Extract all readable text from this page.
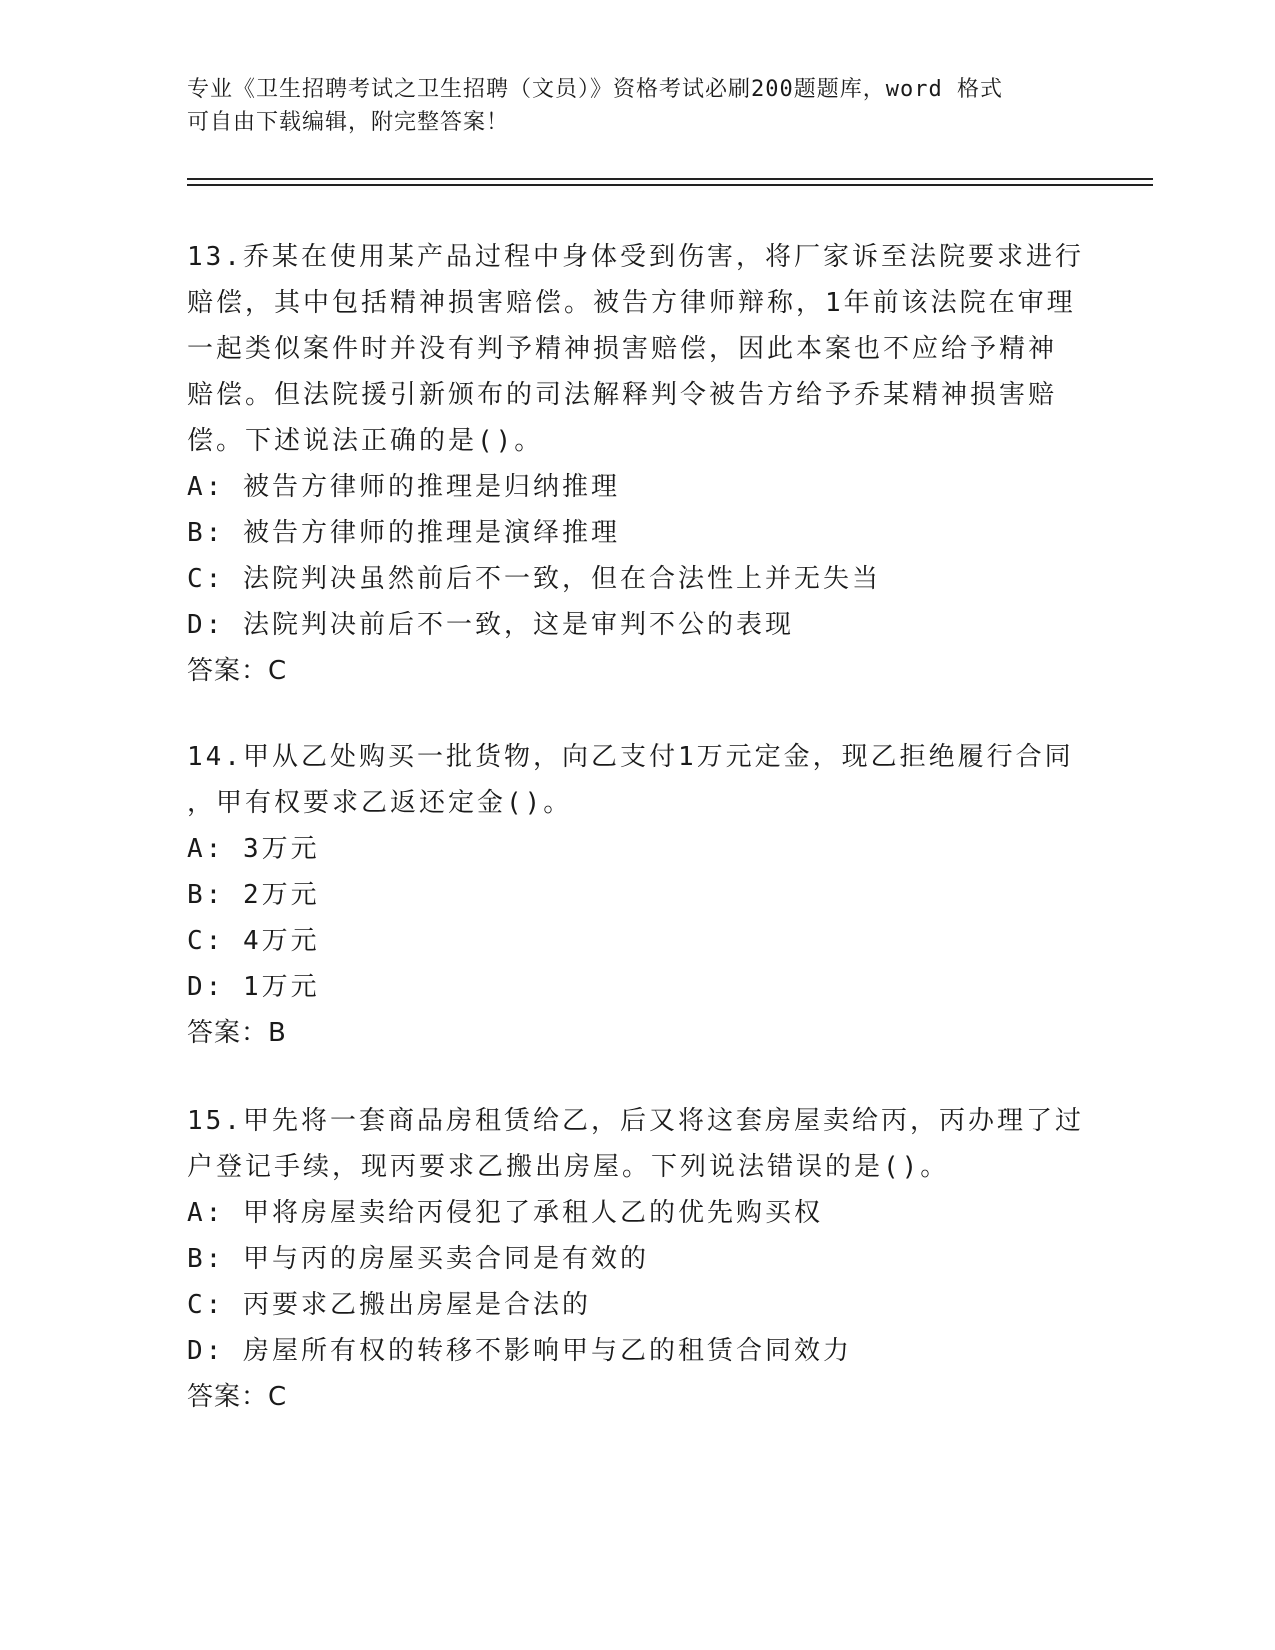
专业《卫生招聘考试之卫生招聘（文员）》资格考试必刷200题题库，word 格式
可自由下载编辑，附完整答案！
13.乔某在使用某产品过程中身体受到伤害，将厂家诉至法院要求进行
赔偿，其中包括精神损害赔偿。被告方律师辩称，1年前该法院在审理
一起类似案件时并没有判予精神损害赔偿，因此本案也不应给予精神
赔偿。但法院援引新颁布的司法解释判令被告方给予乔某精神损害赔
偿。下述说法正确的是()。
A: 被告方律师的推理是归纳推理
B: 被告方律师的推理是演绎推理
C: 法院判决虽然前后不一致，但在合法性上并无失当
D: 法院判决前后不一致，这是审判不公的表现
答案：C
14.甲从乙处购买一批货物，向乙支付1万元定金，现乙拒绝履行合同
，甲有权要求乙返还定金()。
A: 3万元
B: 2万元
C: 4万元
D: 1万元
答案：B
15.甲先将一套商品房租赁给乙，后又将这套房屋卖给丙，丙办理了过
户登记手续，现丙要求乙搬出房屋。下列说法错误的是()。
A: 甲将房屋卖给丙侵犯了承租人乙的优先购买权
B: 甲与丙的房屋买卖合同是有效的
C: 丙要求乙搬出房屋是合法的
D: 房屋所有权的转移不影响甲与乙的租赁合同效力
答案：C
